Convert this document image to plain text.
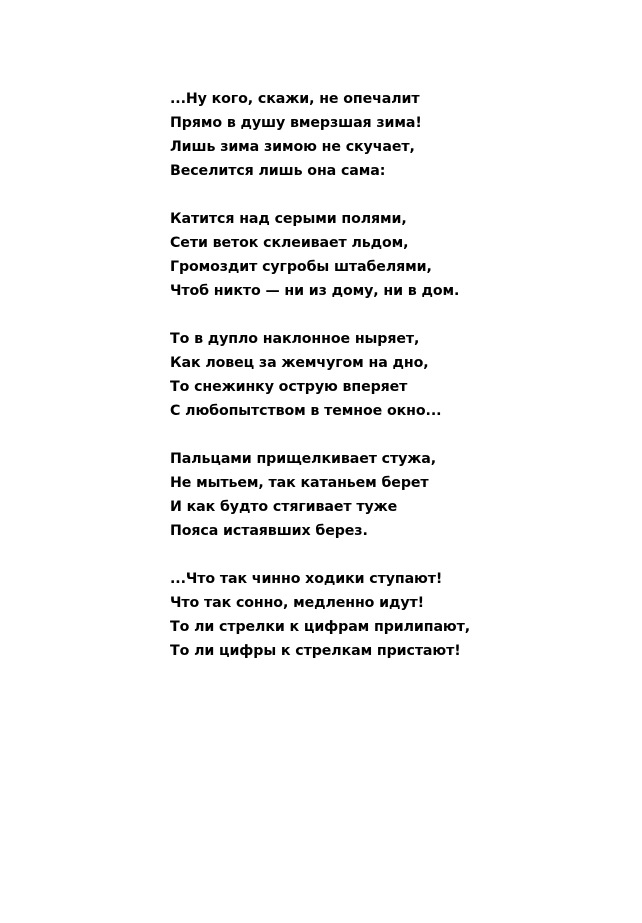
...Ну кого, скажи, не опечалит
Прямо в душу вмерзшая зима!
Лишь зима зимою не скучает,
Веселится лишь она сама:
Катится над серыми полями,
Сети веток склеивает льдом,
Громоздит сугробы штабелями,
Чтоб никто — ни из дому, ни в дом.
То в дупло наклонное ныряет,
Как ловец за жемчугом на дно,
То снежинку острую вперяет
С любопытством в темное окно...
Пальцами прищелкивает стужа,
Не мытьем, так катаньем берет
И как будто стягивает туже
Пояса истаявших берез.
...Что так чинно ходики ступают!
Что так сонно, медленно идут!
То ли стрелки к цифрам прилипают,
То ли цифры к стрелкам пристают!
